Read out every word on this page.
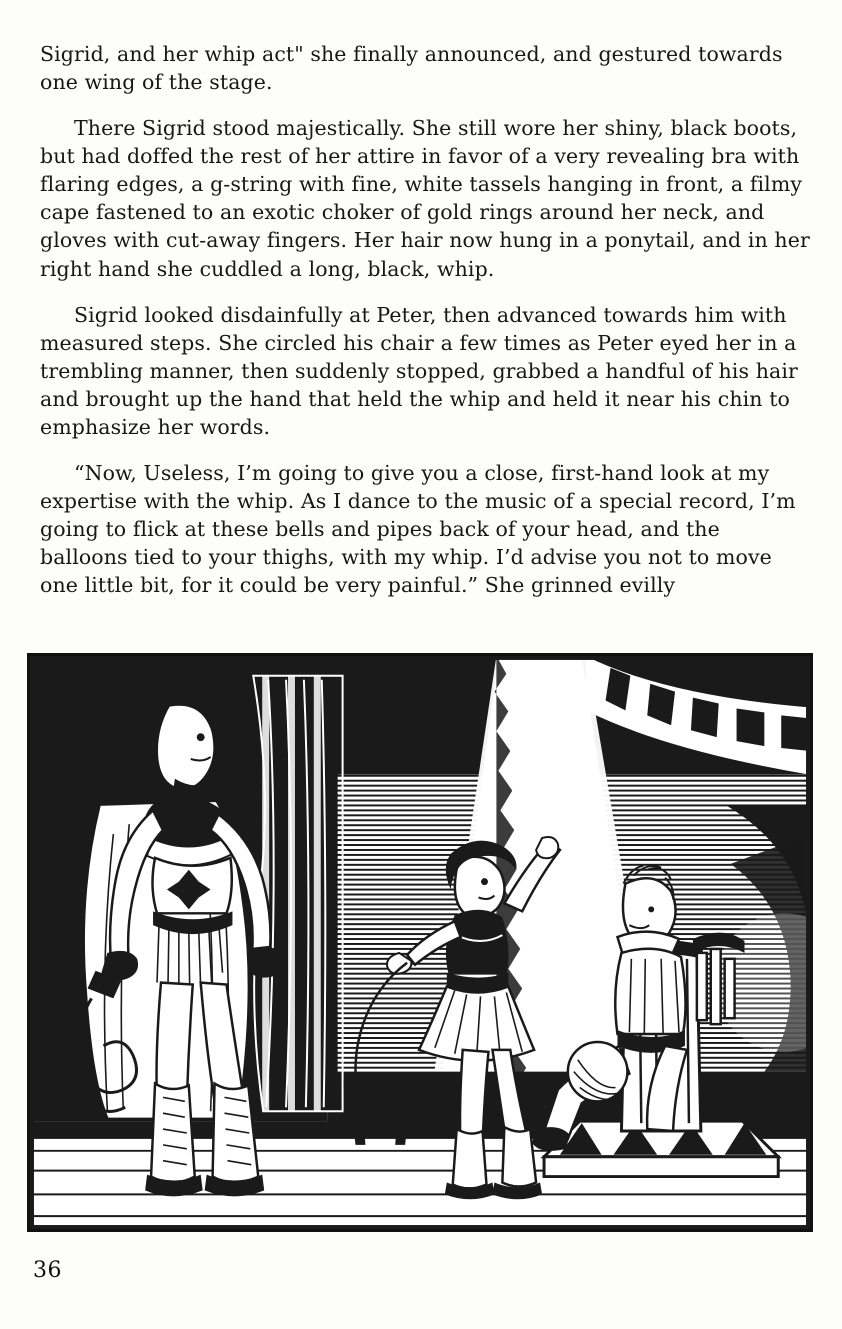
Sigrid, and her whip act" she finally announced, and gestured towards one wing of the stage.

There Sigrid stood majestically. She still wore her shiny, black boots, but had doffed the rest of her attire in favor of a very revealing bra with flaring edges, a g-string with fine, white tassels hanging in front, a filmy cape fastened to an exotic choker of gold rings around her neck, and gloves with cut-away fingers. Her hair now hung in a ponytail, and in her right hand she cuddled a long, black, whip.

Sigrid looked disdainfully at Peter, then advanced towards him with measured steps. She circled his chair a few times as Peter eyed her in a trembling manner, then suddenly stopped, grabbed a handful of his hair and brought up the hand that held the whip and held it near his chin to emphasize her words.

“Now, Useless, I’m going to give you a close, first-hand look at my expertise with the whip. As I dance to the music of a special record, I’m going to flick at these bells and pipes back of your head, and the balloons tied to your thighs, with my whip. I’d advise you not to move one little bit, for it could be very painful.” She grinned evilly

36
